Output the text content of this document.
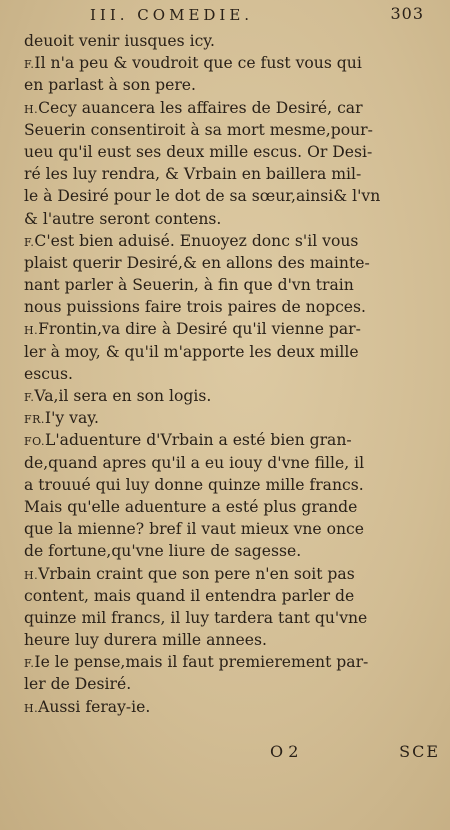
III. COMEDIE.	303
deuoit venir iusques icy.
F.Il n'a peu & voudroit que ce fust vous qui
en parlast à son pere.
H.Cecy auancera les affaires de Desiré, car
Seuerin consentiroit à sa mort mesme,pour-
ueu qu'il eust ses deux mille escus. Or Desi-
ré les luy rendra, & Vrbain en baillera mil-
le à Desiré pour le dot de sa sœur,ainsi& l'vn
& l'autre seront contens.
F.C'est bien aduisé. Enuoyez donc s'il vous
plaist querir Desiré,& en allons des mainte-
nant parler à Seuerin, à fin que d'vn train
nous puissions faire trois paires de nopces.
H.Frontin,va dire à Desiré qu'il vienne par-
ler à moy, & qu'il m'apporte les deux mille
escus.
F.Va,il sera en son logis.
FR.I'y vay.
FO.L'aduenture d'Vrbain a esté bien gran-
de,quand apres qu'il a eu iouy d'vne fille, il
a trouué qui luy donne quinze mille francs.
Mais qu'elle aduenture a esté plus grande
que la mienne? bref il vaut mieux vne once
de fortune,qu'vne liure de sagesse.
H.Vrbain craint que son pere n'en soit pas
content, mais quand il entendra parler de
quinze mil francs, il luy tardera tant qu'vne
heure luy durera mille annees.
F.Ie le pense,mais il faut premierement par-
ler de Desiré.
H.Aussi feray-ie.
O 2	SCE
